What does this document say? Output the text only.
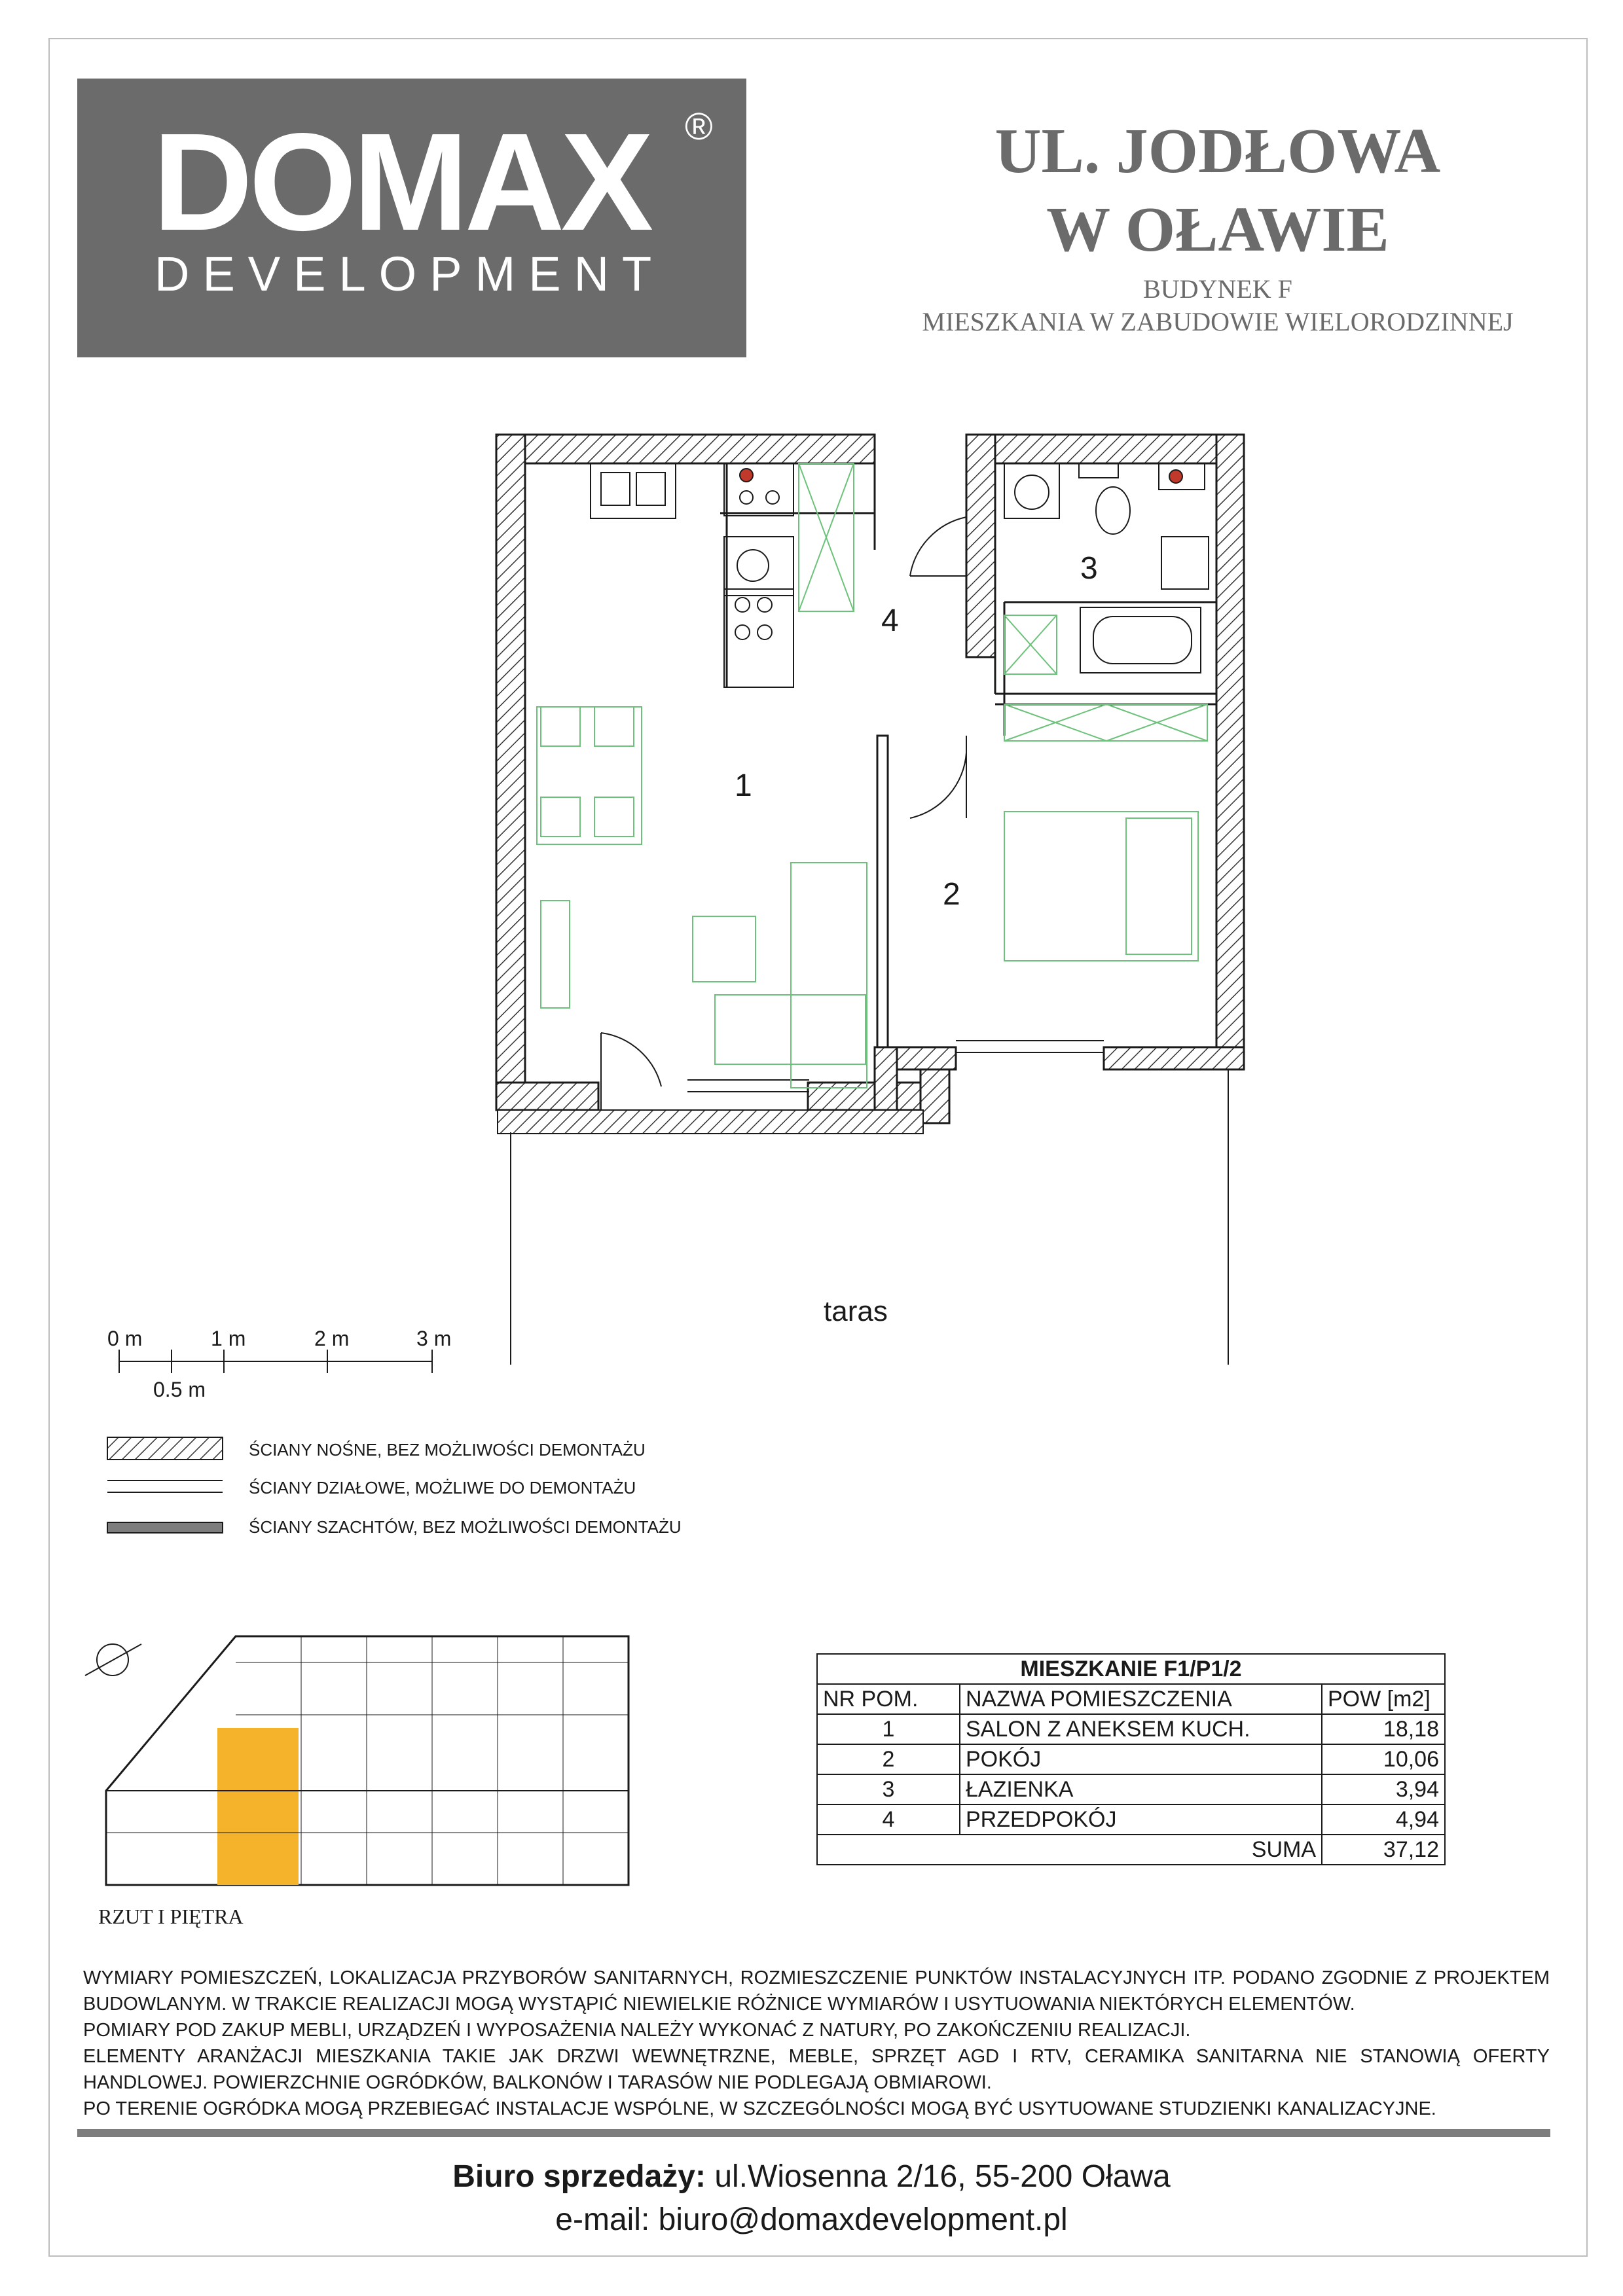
DOMAX ®
DEVELOPMENT
UL. JODŁOWA
W OŁAWIE
BUDYNEK F
MIESZKANIA W ZABUDOWIE WIELORODZINNEJ
1
2
3
4
taras
0 m	1 m	2 m	3 m
0.5 m
ŚCIANY NOŚNE, BEZ MOŻLIWOŚCI DEMONTAŻU
ŚCIANY DZIAŁOWE, MOŻLIWE DO DEMONTAŻU
ŚCIANY SZACHTÓW, BEZ MOŻLIWOŚCI DEMONTAŻU
RZUT I PIĘTRA
MIESZKANIE F1/P1/2		
NR POM.	NAZWA POMIESZCZENIA	POW [m2]
1	SALON Z ANEKSEM KUCH.	18,18
2	POKÓJ	10,06
3	ŁAZIENKA	3,94
4	PRZEDPOKÓJ	4,94
	SUMA	37,12
WYMIARY POMIESZCZEŃ, LOKALIZACJA PRZYBORÓW SANITARNYCH, ROZMIESZCZENIE PUNKTÓW INSTALACYJNYCH ITP. PODANO ZGODNIE Z PROJEKTEM BUDOWLANYM. W TRAKCIE REALIZACJI MOGĄ WYSTĄPIĆ NIEWIELKIE RÓŻNICE WYMIARÓW I USYTUOWANIA NIEKTÓRYCH ELEMENTÓW.
POMIARY POD ZAKUP MEBLI, URZĄDZEŃ I WYPOSAŻENIA NALEŻY WYKONAĆ Z NATURY, PO ZAKOŃCZENIU REALIZACJI.
ELEMENTY ARANŻACJI MIESZKANIA TAKIE JAK DRZWI WEWNĘTRZNE, MEBLE, SPRZĘT AGD I RTV, CERAMIKA SANITARNA NIE STANOWIĄ OFERTY HANDLOWEJ. POWIERZCHNIE OGRÓDKÓW, BALKONÓW I TARASÓW NIE PODLEGAJĄ OBMIAROWI.
PO TERENIE OGRÓDKA MOGĄ PRZEBIEGAĆ INSTALACJE WSPÓLNE, W SZCZEGÓLNOŚCI MOGĄ BYĆ USYTUOWANE STUDZIENKI KANALIZACYJNE.
Biuro sprzedaży: ul.Wiosenna 2/16, 55-200 Oława
e-mail: biuro@domaxdevelopment.pl
